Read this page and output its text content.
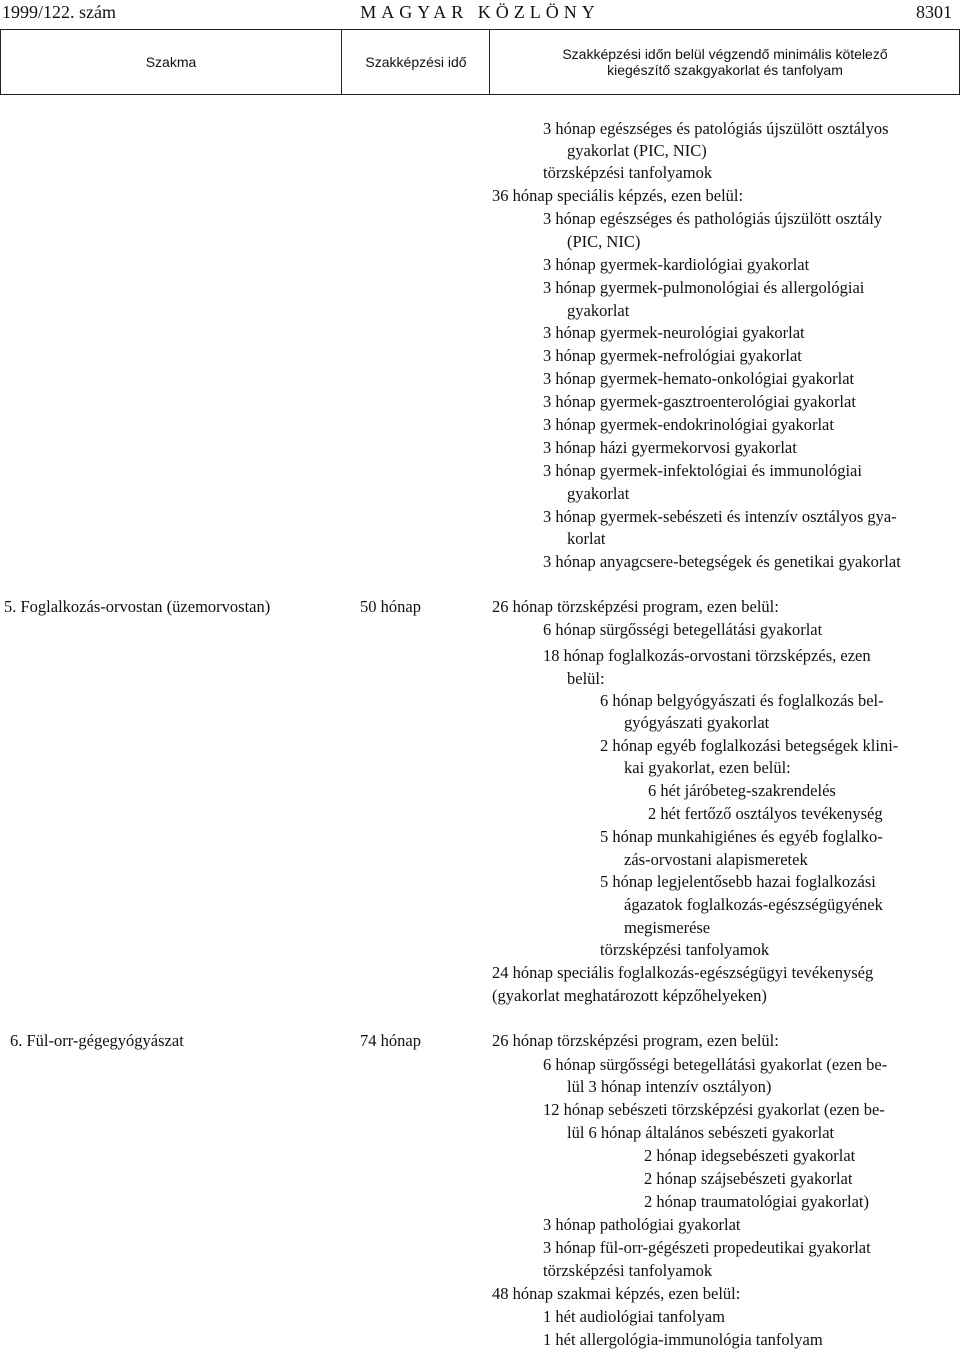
1999/122. szám	MAGYAR KÖZLÖNY	8301
Szakma	Szakképzési idő	Szakképzési időn belül végzendő minimális kötelező
kiegészítő szakgyakorlat és tanfolyam
3 hónap egészséges és patológiás újszülött osztályos
gyakorlat (PIC, NIC)
törzsképzési tanfolyamok
36 hónap speciális képzés, ezen belül:
3 hónap egészséges és pathológiás újszülött osztály
(PIC, NIC)
3 hónap gyermek-kardiológiai gyakorlat
3 hónap gyermek-pulmonológiai és allergológiai
gyakorlat
3 hónap gyermek-neurológiai gyakorlat
3 hónap gyermek-nefrológiai gyakorlat
3 hónap gyermek-hemato-onkológiai gyakorlat
3 hónap gyermek-gasztroenterológiai gyakorlat
3 hónap gyermek-endokrinológiai gyakorlat
3 hónap házi gyermekorvosi gyakorlat
3 hónap gyermek-infektológiai és immunológiai
gyakorlat
3 hónap gyermek-sebészeti és intenzív osztályos gya-
korlat
3 hónap anyagcsere-betegségek és genetikai gyakorlat
5. Foglalkozás-orvostan (üzemorvostan)	50 hónap	26 hónap törzsképzési program, ezen belül:
6 hónap sürgősségi betegellátási gyakorlat
18 hónap foglalkozás-orvostani törzsképzés, ezen
belül:
6 hónap belgyógyászati és foglalkozás bel-
gyógyászati gyakorlat
2 hónap egyéb foglalkozási betegségek klini-
kai gyakorlat, ezen belül:
6 hét járóbeteg-szakrendelés
2 hét fertőző osztályos tevékenység
5 hónap munkahigiénes és egyéb foglalko-
zás-orvostani alapismeretek
5 hónap legjelentősebb hazai foglalkozási
ágazatok foglalkozás-egészségügyének
megismerése
törzsképzési tanfolyamok
24 hónap speciális foglalkozás-egészségügyi tevékenység
(gyakorlat meghatározott képzőhelyeken)
6. Fül-orr-gégegyógyászat	74 hónap	26 hónap törzsképzési program, ezen belül:
6 hónap sürgősségi betegellátási gyakorlat (ezen be-
lül 3 hónap intenzív osztályon)
12 hónap sebészeti törzsképzési gyakorlat (ezen be-
lül 6 hónap általános sebészeti gyakorlat
2 hónap idegsebészeti gyakorlat
2 hónap szájsebészeti gyakorlat
2 hónap traumatológiai gyakorlat)
3 hónap pathológiai gyakorlat
3 hónap fül-orr-gégészeti propedeutikai gyakorlat
törzsképzési tanfolyamok
48 hónap szakmai képzés, ezen belül:
1 hét audiológiai tanfolyam
1 hét allergológia-immunológia tanfolyam
